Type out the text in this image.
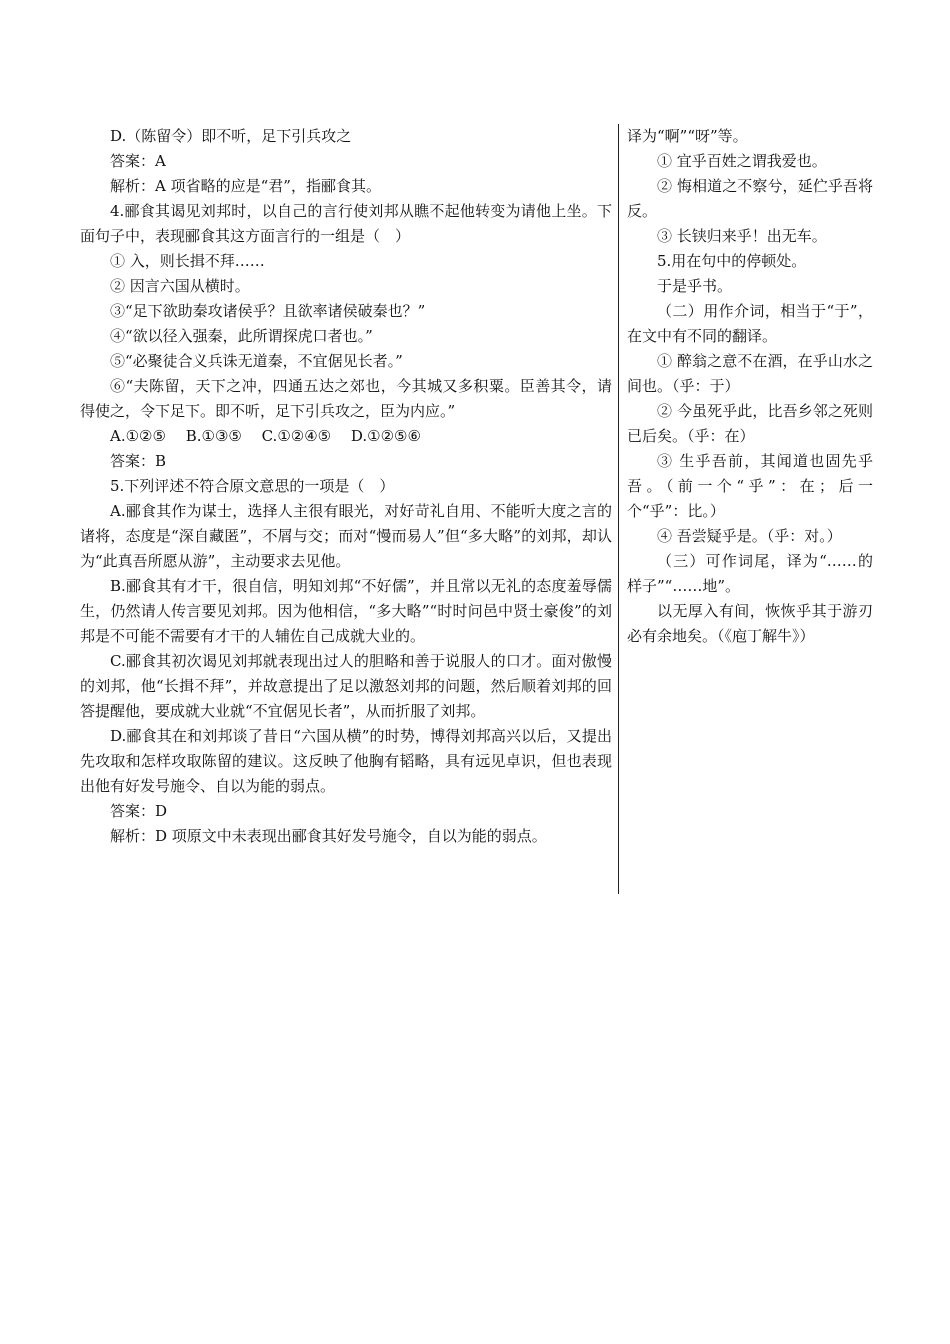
D.（陈留令）即不听，足下引兵攻之

答案：A

解析：A 项省略的应是“君”，指郦食其。

4.郦食其谒见刘邦时，以自己的言行使刘邦从瞧不起他转变为请他上坐。下面句子中，表现郦食其这方面言行的一组是（　）

① 入，则长揖不拜……

② 因言六国从横时。

③“足下欲助秦攻诸侯乎？且欲率诸侯破秦也？”

④“欲以径入强秦，此所谓探虎口者也。”

⑤“必聚徒合义兵诛无道秦，不宜倨见长者。”

⑥“夫陈留，天下之冲，四通五达之郊也，今其城又多积粟。臣善其令，请得使之，令下足下。即不听，足下引兵攻之，臣为内应。”

A.①②⑤　 B.①③⑤　 C.①②④⑤　 D.①②⑤⑥

答案：B

5.下列评述不符合原文意思的一项是（　）

A.郦食其作为谋士，选择人主很有眼光，对好苛礼自用、不能听大度之言的诸将，态度是“深自藏匿”，不屑与交；而对“慢而易人”但“多大略”的刘邦，却认为“此真吾所愿从游”，主动要求去见他。

B.郦食其有才干，很自信，明知刘邦“不好儒”，并且常以无礼的态度羞辱儒生，仍然请人传言要见刘邦。因为他相信，“多大略”“时时问邑中贤士豪俊”的刘邦是不可能不需要有才干的人辅佐自己成就大业的。

C.郦食其初次谒见刘邦就表现出过人的胆略和善于说服人的口才。面对傲慢的刘邦，他“长揖不拜”，并故意提出了足以激怒刘邦的问题，然后顺着刘邦的回答提醒他，要成就大业就“不宜倨见长者”，从而折服了刘邦。

D.郦食其在和刘邦谈了昔日“六国从横”的时势，博得刘邦高兴以后，又提出先攻取和怎样攻取陈留的建议。这反映了他胸有韬略，具有远见卓识，但也表现出他有好发号施令、自以为能的弱点。

答案：D

解析：D 项原文中未表现出郦食其好发号施令，自以为能的弱点。

译为“啊”“呀”等。

① 宜乎百姓之谓我爱也。

② 悔相道之不察兮，延伫乎吾将反。

③ 长铗归来乎！出无车。

5.用在句中的停顿处。

于是乎书。

（二）用作介词，相当于“于”，在文中有不同的翻译。

① 醉翁之意不在酒，在乎山水之间也。（乎：于）

② 今虽死乎此，比吾乡邻之死则已后矣。（乎：在）

③ 生乎吾前，其闻道也固先乎吾。（前一个“乎”：在；后一个“乎”：比。）

④ 吾尝疑乎是。（乎：对。）

（三）可作词尾，译为“……的样子”“……地”。

以无厚入有间，恢恢乎其于游刃必有余地矣。（《庖丁解牛》）
